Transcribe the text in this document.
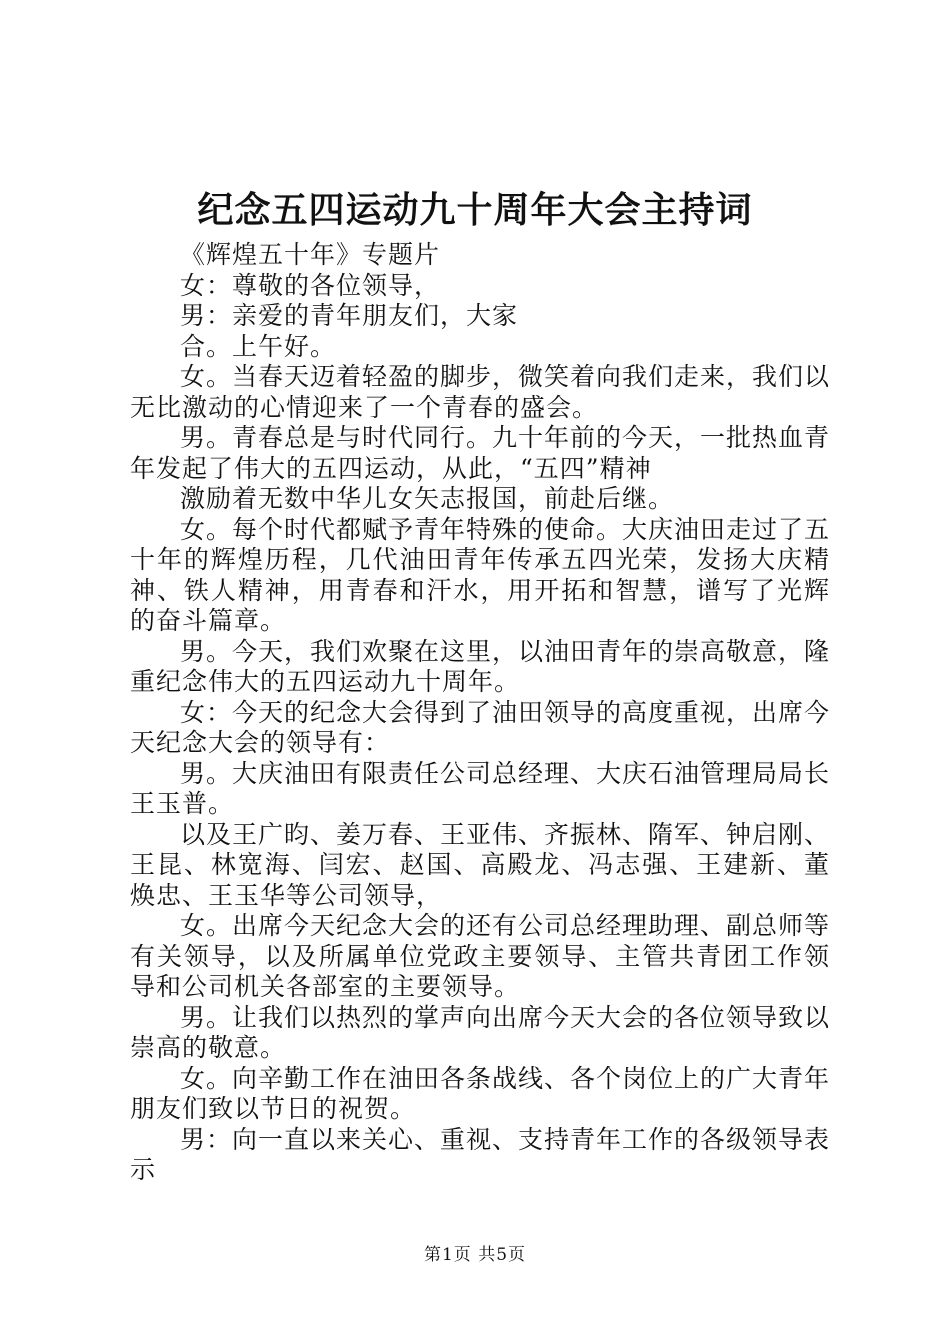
纪念五四运动九十周年大会主持词

《辉煌五十年》专题片

女：尊敬的各位领导，

男：亲爱的青年朋友们，大家

合。上午好。

女。当春天迈着轻盈的脚步，微笑着向我们走来，我们以无比激动的心情迎来了一个青春的盛会。

男。青春总是与时代同行。九十年前的今天，一批热血青年发起了伟大的五四运动，从此，“五四”精神

激励着无数中华儿女矢志报国，前赴后继。

女。每个时代都赋予青年特殊的使命。大庆油田走过了五十年的辉煌历程，几代油田青年传承五四光荣，发扬大庆精神、铁人精神，用青春和汗水，用开拓和智慧，谱写了光辉的奋斗篇章。

男。今天，我们欢聚在这里，以油田青年的崇高敬意，隆重纪念伟大的五四运动九十周年。

女：今天的纪念大会得到了油田领导的高度重视，出席今天纪念大会的领导有：

男。大庆油田有限责任公司总经理、大庆石油管理局局长王玉普。

以及王广昀、姜万春、王亚伟、齐振林、隋军、钟启刚、王昆、林宽海、闫宏、赵国、高殿龙、冯志强、王建新、董焕忠、王玉华等公司领导，

女。出席今天纪念大会的还有公司总经理助理、副总师等有关领导，以及所属单位党政主要领导、主管共青团工作领导和公司机关各部室的主要领导。

男。让我们以热烈的掌声向出席今天大会的各位领导致以崇高的敬意。

女。向辛勤工作在油田各条战线、各个岗位上的广大青年朋友们致以节日的祝贺。

男：向一直以来关心、重视、支持青年工作的各级领导表示

第1页 共5页
